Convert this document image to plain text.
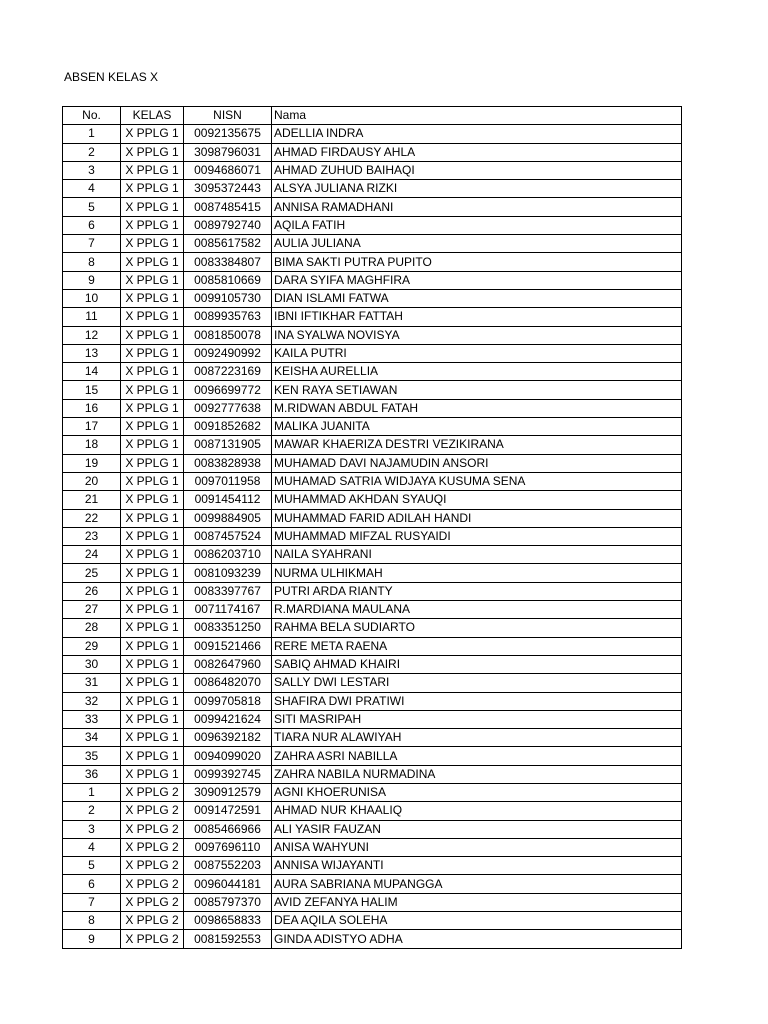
ABSEN KELAS X
No.	KELAS	NISN	Nama
1	X PPLG 1	0092135675	ADELLIA INDRA
2	X PPLG 1	3098796031	AHMAD FIRDAUSY AHLA
3	X PPLG 1	0094686071	AHMAD ZUHUD BAIHAQI
4	X PPLG 1	3095372443	ALSYA JULIANA RIZKI
5	X PPLG 1	0087485415	ANNISA RAMADHANI
6	X PPLG 1	0089792740	AQILA FATIH
7	X PPLG 1	0085617582	AULIA JULIANA
8	X PPLG 1	0083384807	BIMA SAKTI PUTRA PUPITO
9	X PPLG 1	0085810669	DARA SYIFA MAGHFIRA
10	X PPLG 1	0099105730	DIAN ISLAMI FATWA
11	X PPLG 1	0089935763	IBNI IFTIKHAR FATTAH
12	X PPLG 1	0081850078	INA SYALWA NOVISYA
13	X PPLG 1	0092490992	KAILA PUTRI
14	X PPLG 1	0087223169	KEISHA AURELLIA
15	X PPLG 1	0096699772	KEN RAYA SETIAWAN
16	X PPLG 1	0092777638	M.RIDWAN ABDUL FATAH
17	X PPLG 1	0091852682	MALIKA JUANITA
18	X PPLG 1	0087131905	MAWAR KHAERIZA DESTRI VEZIKIRANA
19	X PPLG 1	0083828938	MUHAMAD DAVI NAJAMUDIN ANSORI
20	X PPLG 1	0097011958	MUHAMAD SATRIA WIDJAYA KUSUMA SENA
21	X PPLG 1	0091454112	MUHAMMAD AKHDAN SYAUQI
22	X PPLG 1	0099884905	MUHAMMAD FARID ADILAH HANDI
23	X PPLG 1	0087457524	MUHAMMAD MIFZAL RUSYAIDI
24	X PPLG 1	0086203710	NAILA SYAHRANI
25	X PPLG 1	0081093239	NURMA ULHIKMAH
26	X PPLG 1	0083397767	PUTRI ARDA RIANTY
27	X PPLG 1	0071174167	R.MARDIANA MAULANA
28	X PPLG 1	0083351250	RAHMA BELA SUDIARTO
29	X PPLG 1	0091521466	RERE META RAENA
30	X PPLG 1	0082647960	SABIQ AHMAD KHAIRI
31	X PPLG 1	0086482070	SALLY DWI LESTARI
32	X PPLG 1	0099705818	SHAFIRA DWI PRATIWI
33	X PPLG 1	0099421624	SITI MASRIPAH
34	X PPLG 1	0096392182	TIARA NUR ALAWIYAH
35	X PPLG 1	0094099020	ZAHRA ASRI NABILLA
36	X PPLG 1	0099392745	ZAHRA NABILA NURMADINA
1	X PPLG 2	3090912579	AGNI KHOERUNISA
2	X PPLG 2	0091472591	AHMAD NUR KHAALIQ
3	X PPLG 2	0085466966	ALI YASIR FAUZAN
4	X PPLG 2	0097696110	ANISA WAHYUNI
5	X PPLG 2	0087552203	ANNISA WIJAYANTI
6	X PPLG 2	0096044181	AURA SABRIANA MUPANGGA
7	X PPLG 2	0085797370	AVID ZEFANYA HALIM
8	X PPLG 2	0098658833	DEA AQILA SOLEHA
9	X PPLG 2	0081592553	GINDA ADISTYO ADHA
